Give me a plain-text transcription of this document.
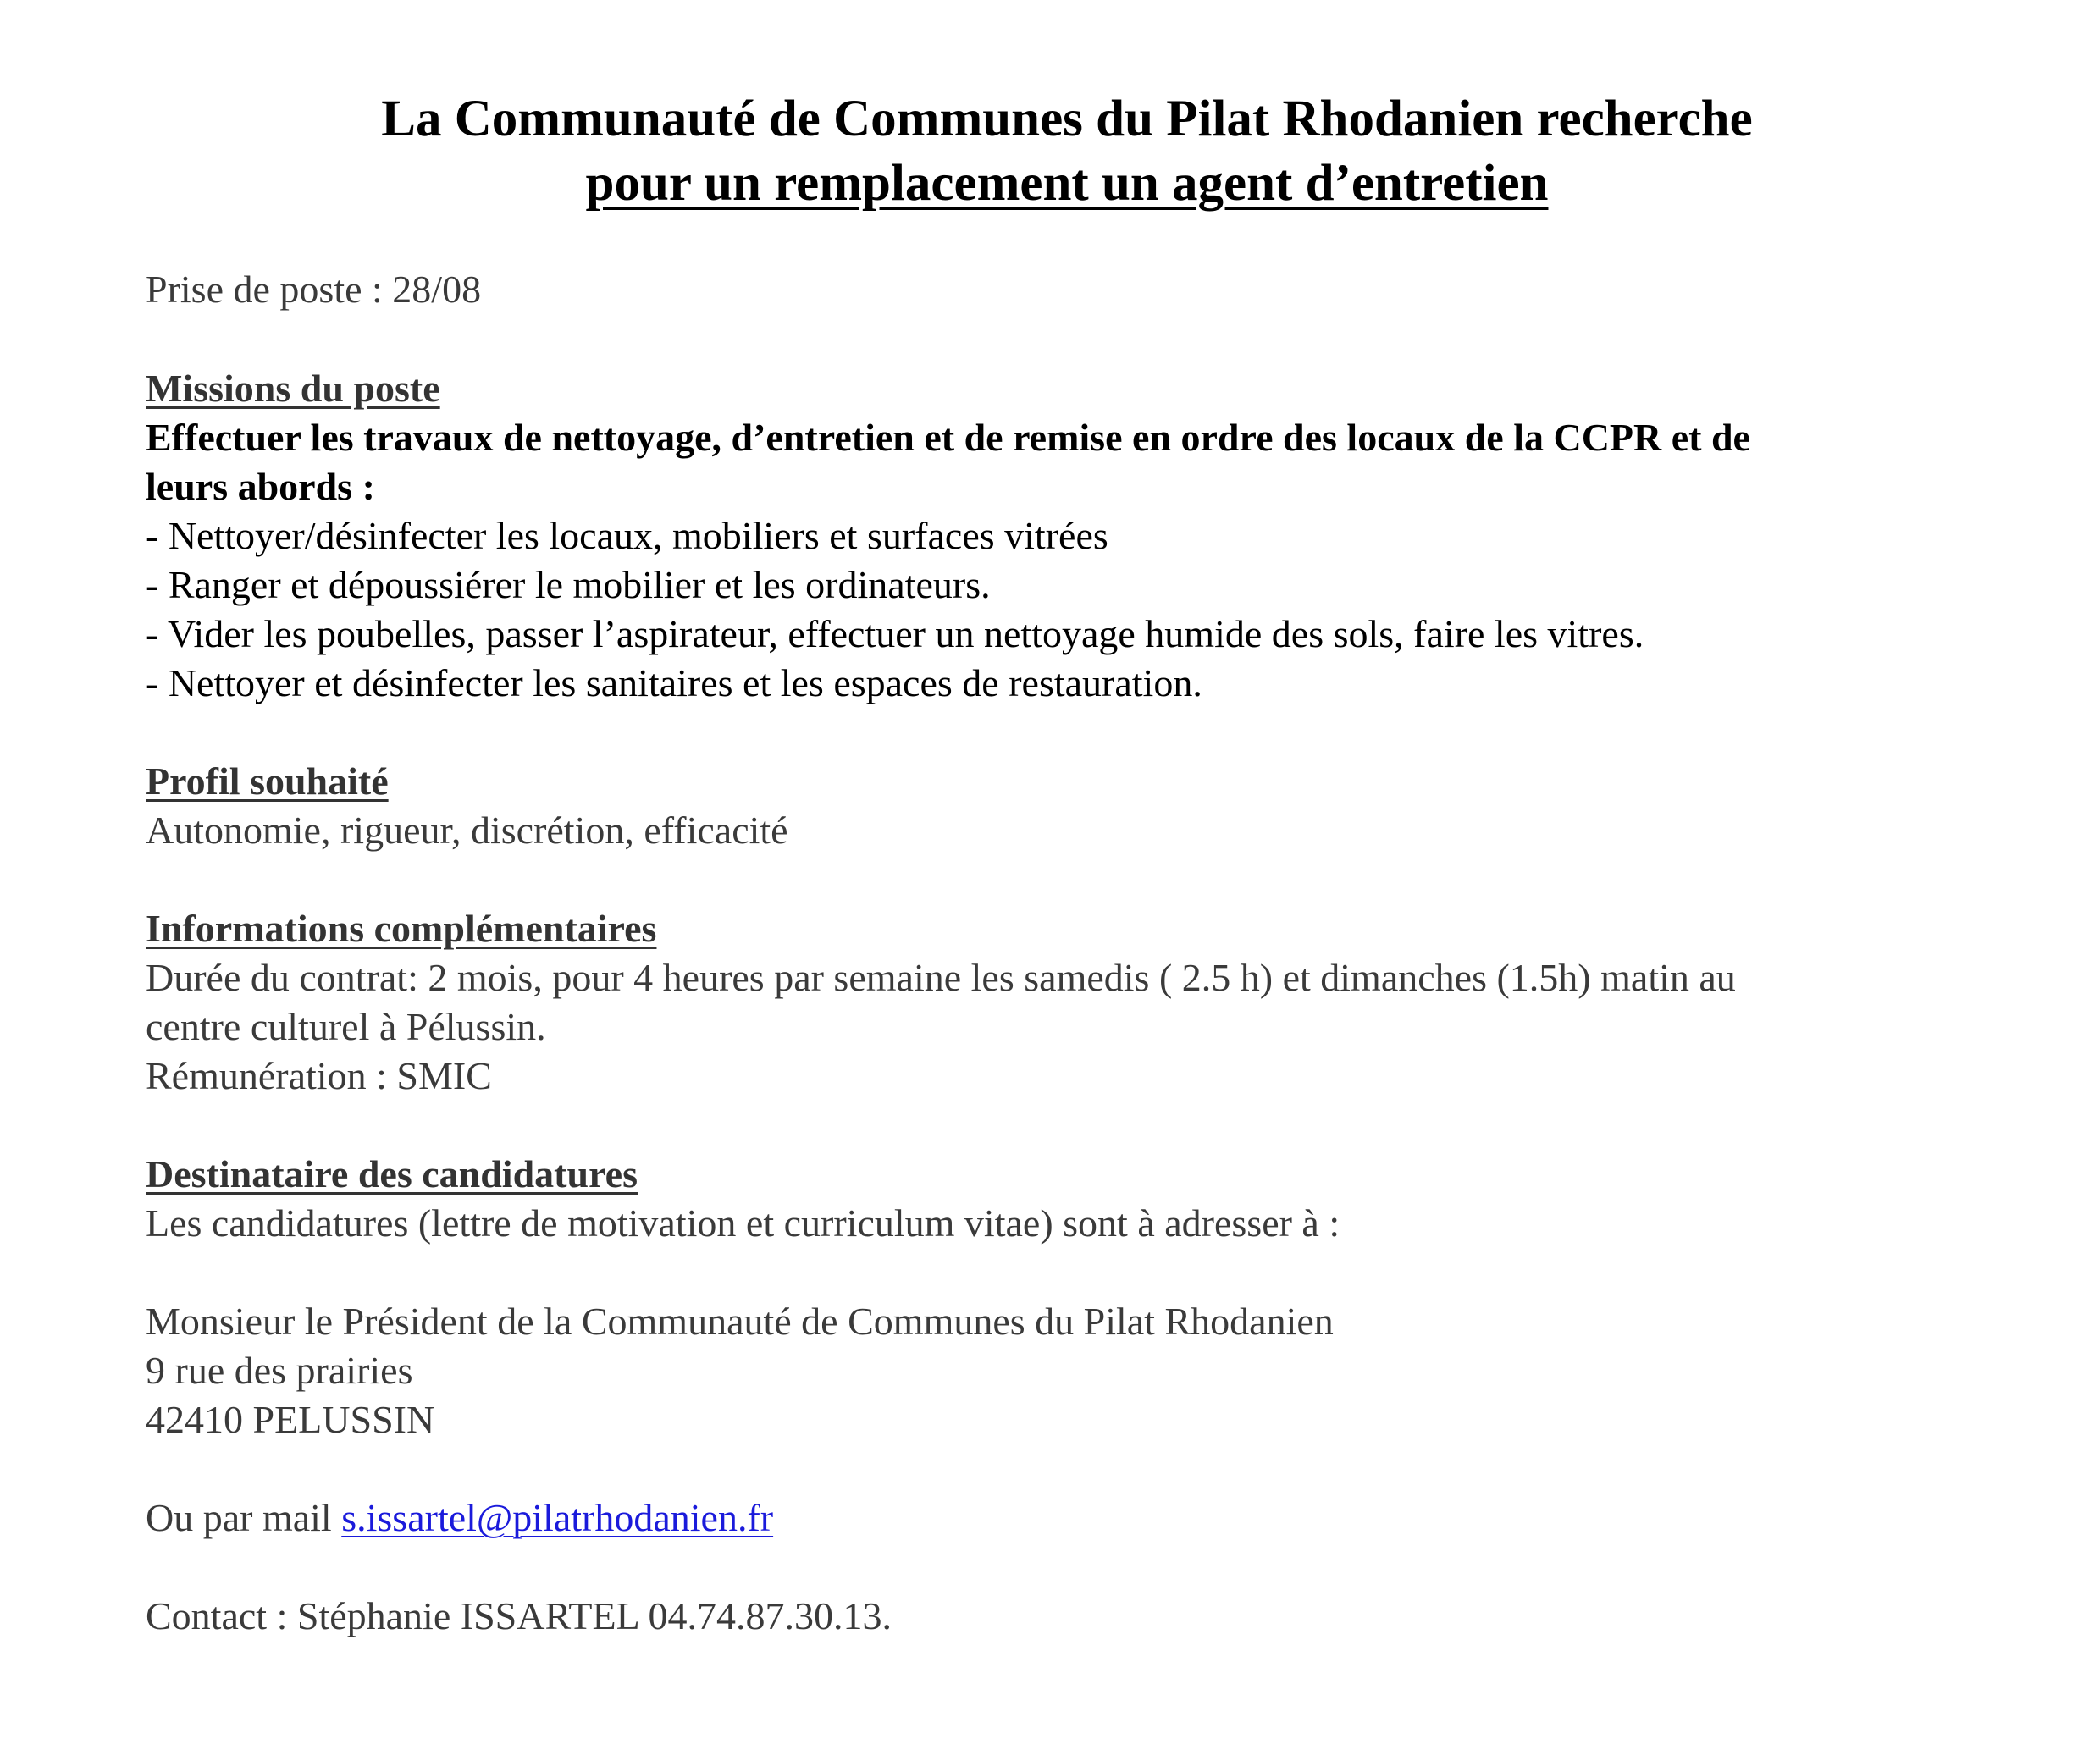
La Communauté de Communes du Pilat Rhodanien recherche
pour un remplacement un agent d’entretien
Prise de poste : 28/08
Missions du poste
Effectuer les travaux de nettoyage, d’entretien et de remise en ordre des locaux de la CCPR et de
leurs abords :
- Nettoyer/désinfecter les locaux, mobiliers et surfaces vitrées
- Ranger et dépoussiérer le mobilier et les ordinateurs.
- Vider les poubelles, passer l’aspirateur, effectuer un nettoyage humide des sols, faire les vitres.
- Nettoyer et désinfecter les sanitaires et les espaces de restauration.
Profil souhaité
Autonomie, rigueur, discrétion, efficacité
Informations complémentaires
Durée du contrat: 2 mois, pour 4 heures par semaine les samedis ( 2.5 h) et dimanches (1.5h) matin au
centre culturel à Pélussin.
Rémunération : SMIC
Destinataire des candidatures
Les candidatures (lettre de motivation et curriculum vitae) sont à adresser à :
Monsieur le Président de la Communauté de Communes du Pilat Rhodanien
9 rue des prairies
42410 PELUSSIN
Ou par mail s.issartel@pilatrhodanien.fr
Contact : Stéphanie ISSARTEL 04.74.87.30.13.
